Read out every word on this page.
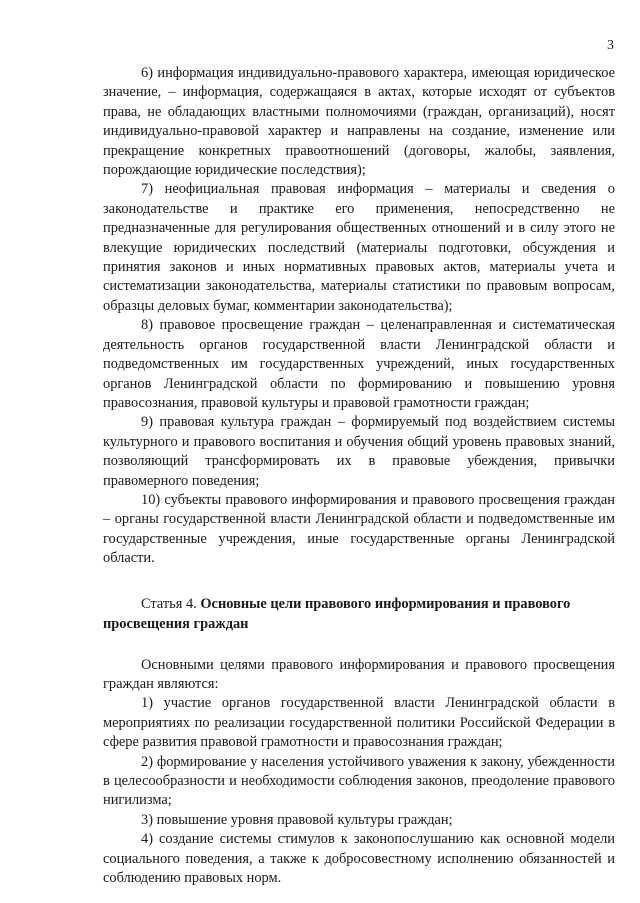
3

6) информация индивидуально-правового характера, имеющая юридическое значение, – информация, содержащаяся в актах, которые исходят от субъектов права, не обладающих властными полномочиями (граждан, организаций), носят индивидуально-правовой характер и направлены на создание, изменение или прекращение конкретных правоотношений (договоры, жалобы, заявления, порождающие юридические последствия);

7) неофициальная правовая информация – материалы и сведения о законодательстве и практике его применения, непосредственно не предназначенные для регулирования общественных отношений и в силу этого не влекущие юридических последствий (материалы подготовки, обсуждения и принятия законов и иных нормативных правовых актов, материалы учета и систематизации законодательства, материалы статистики по правовым вопросам, образцы деловых бумаг, комментарии законодательства);

8) правовое просвещение граждан – целенаправленная и систематическая деятельность органов государственной власти Ленинградской области и подведомственных им государственных учреждений, иных государственных органов Ленинградской области по формированию и повышению уровня правосознания, правовой культуры и правовой грамотности граждан;

9) правовая культура граждан – формируемый под воздействием системы культурного и правового воспитания и обучения общий уровень правовых знаний, позволяющий трансформировать их в правовые убеждения, привычки правомерного поведения;

10) субъекты правового информирования и правового просвещения граждан – органы государственной власти Ленинградской области и подведомственные им государственные учреждения, иные государственные органы Ленинградской области.

Статья 4. Основные цели правового информирования и правового просвещения граждан

Основными целями правового информирования и правового просвещения граждан являются:

1) участие органов государственной власти Ленинградской области в мероприятиях по реализации государственной политики Российской Федерации в сфере развития правовой грамотности и правосознания граждан;

2) формирование у населения устойчивого уважения к закону, убежденности в целесообразности и необходимости соблюдения законов, преодоление правового нигилизма;

3) повышение уровня правовой культуры граждан;

4) создание системы стимулов к законопослушанию как основной модели социального поведения, а также к добросовестному исполнению обязанностей и соблюдению правовых норм.
